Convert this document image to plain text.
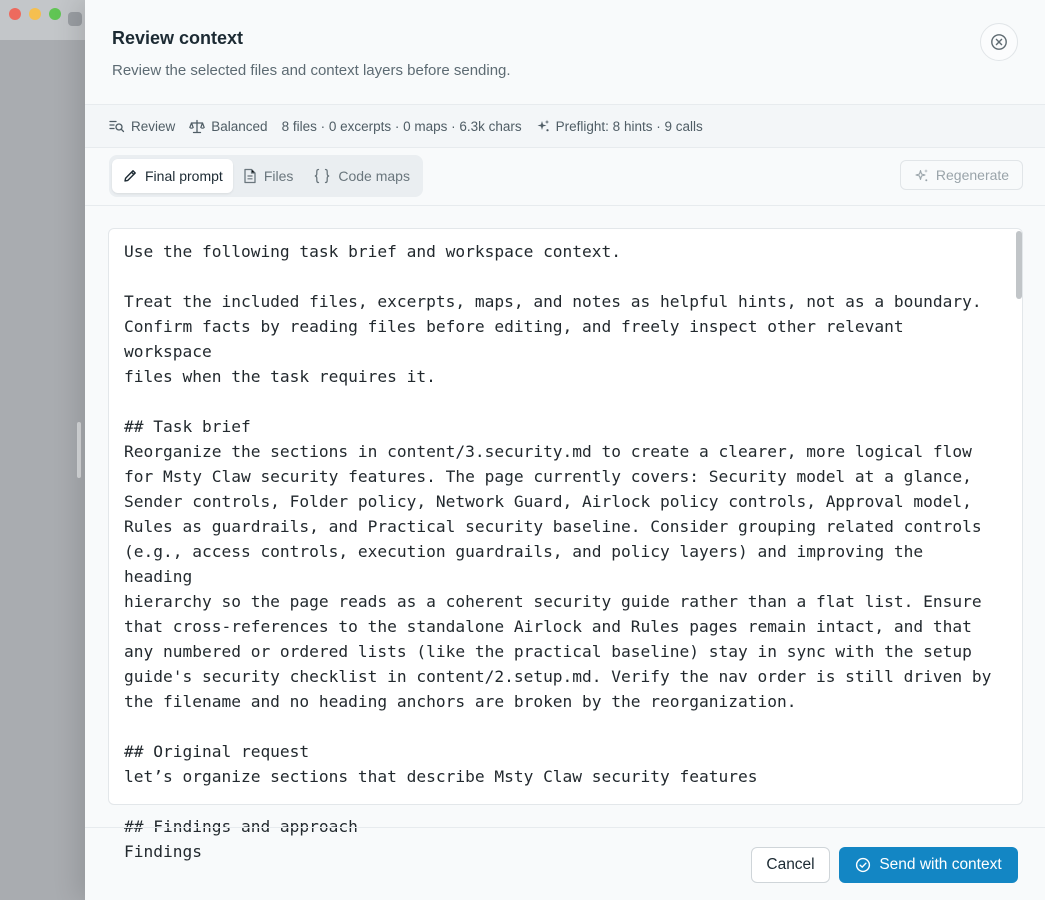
Review context
Review the selected files and context layers before sending.
Review	Balanced 8 files · 0 excerpts · 0 maps · 6.3k chars	Preflight: 8 hints · 9 calls
Final prompt	Files	Code maps	Regenerate
Use the following task brief and workspace context.

Treat the included files, excerpts, maps, and notes as helpful hints, not as a boundary.
Confirm facts by reading files before editing, and freely inspect other relevant workspace
files when the task requires it.

## Task brief
Reorganize the sections in content/3.security.md to create a clearer, more logical flow
for Msty Claw security features. The page currently covers: Security model at a glance,
Sender controls, Folder policy, Network Guard, Airlock policy controls, Approval model,
Rules as guardrails, and Practical security baseline. Consider grouping related controls
(e.g., access controls, execution guardrails, and policy layers) and improving the heading
hierarchy so the page reads as a coherent security guide rather than a flat list. Ensure
that cross-references to the standalone Airlock and Rules pages remain intact, and that
any numbered or ordered lists (like the practical baseline) stay in sync with the setup
guide's security checklist in content/2.setup.md. Verify the nav order is still driven by
the filename and no heading anchors are broken by the reorganization.

## Original request
let’s organize sections that describe Msty Claw security features

## Findings and approach
Findings
Cancel	Send with context
